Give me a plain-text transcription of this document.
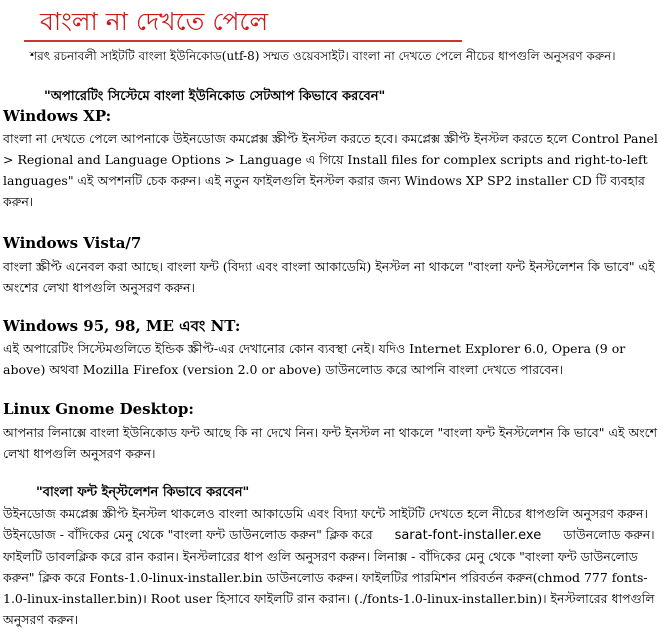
বাংলা না দেখতে পেলে
শরৎ রচনাবলী সাইটটি বাংলা ইউনিকোড(utf-8) সম্মত ওয়েবসাইট। বাংলা না দেখতে পেলে নীচের ধাপগুলি অনুসরণ করুন।
"অপারেটিং সিস্টেমে বাংলা ইউনিকোড সেটআপ কিভাবে করবেন"
Windows XP:
বাংলা না দেখতে পেলে আপনাকে উইনডোজ কমপ্লেক্স স্ক্রীপ্ট ইনস্টল করতে হবে। কমপ্লেক্স স্ক্রীপ্ট ইনস্টল করতে হলে Control Panel > Regional and Language Options > Language এ গিয়ে Install files for complex scripts and right-to-left languages" এই অপশনটি চেক করুন। এই নতুন ফাইলগুলি ইনস্টল করার জন্য Windows XP SP2 installer CD টি ব্যবহার করুন।
Windows Vista/7
বাংলা স্ক্রীপ্ট এনেবল করা আছে। বাংলা ফন্ট (বিদ্যা এবং বাংলা আকাডেমি) ইনস্টল না থাকলে "বাংলা ফন্ট ইনস্টলেশন কি ভাবে" এই অংশের লেখা ধাপগুলি অনুসরণ করুন।
Windows 95, 98, ME এবং NT:
এই অপারেটিং সিস্টেমগুলিতে ইন্ডিক স্ক্রীপ্ট-এর দেখানোর কোন ব্যবস্থা নেই। যদিও Internet Explorer 6.0, Opera (9 or above) অথবা Mozilla Firefox (version 2.0 or above) ডাউনলোড করে আপনি বাংলা দেখতে পারবেন।
Linux Gnome Desktop:
আপনার লিনাক্সে বাংলা ইউনিকোড ফন্ট আছে কি না দেখে নিন। ফন্ট ইনস্টল না থাকলে "বাংলা ফন্ট ইনস্টলেশন কি ভাবে" এই অংশে লেখা ধাপগুলি অনুসরণ করুন।
"বাংলা ফন্ট ইন্স্টলেশন কিভাবে করবেন"
উইনডোজ কমপ্লেক্স স্ক্রীপ্ট ইনস্টল থাকলেও বাংলা আকাডেমি এবং বিদ্যা ফন্টে সাইটটি দেখতে হলে নীচের ধাপগুলি অনুসরণ করুন।
উইনডোজ - বাঁদিকের মেনু থেকে "বাংলা ফন্ট ডাউনলোড করুন" ক্লিক করে sarat-font-installer.exe ডাউনলোড করুন। ফাইলটি ডাবলক্লিক করে রান করান। ইনস্টলারের ধাপ গুলি অনুসরণ করুন। লিনাক্স - বাঁদিকের মেনু থেকে "বাংলা ফন্ট ডাউনলোড করুন" ক্লিক করে Fonts-1.0-linux-installer.bin ডাউনলোড করুন। ফাইলটির পারমিশন পরিবর্তন করুন(chmod 777 fonts-1.0-linux-installer.bin)। Root user হিসাবে ফাইলটি রান করান। (./fonts-1.0-linux-installer.bin)। ইনস্টলারের ধাপগুলি অনুসরণ করুন।
